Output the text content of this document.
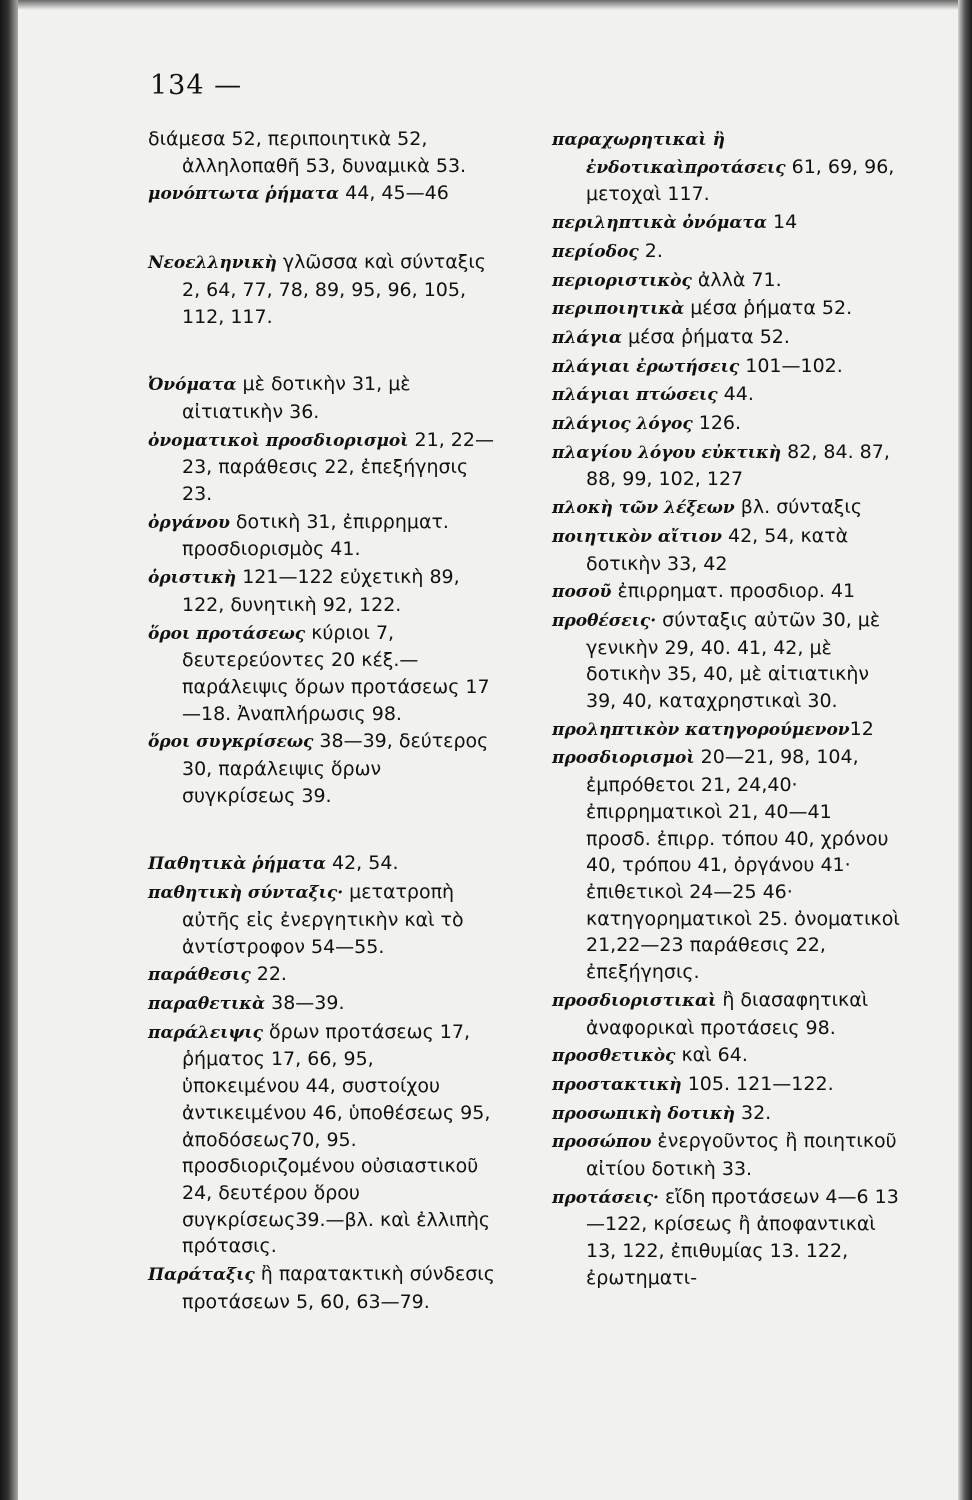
134 —

διάμεσα 52, περιποιητικὰ 52, ἀλληλοπαθῆ 53, δυναμικὰ 53.

μονόπτωτα ῥήματα 44, 45—46

Νεοελληνικὴ γλῶσσα καὶ σύνταξις 2, 64, 77, 78, 89, 95, 96, 105, 112, 117.

Ὀνόματα μὲ δοτικὴν 31, μὲ αἰτιατικὴν 36.

ὀνοματικοὶ προσδιορισμοὶ 21, 22—23, παράθεσις 22, ἐπεξήγησις 23.

ὀργάνου δοτικὴ 31, ἐπιρρηματ. προσδιορισμὸς 41.

ὁριστικὴ 121—122 εὐχετικὴ 89, 122, δυνητικὴ 92, 122.

ὅροι προτάσεως κύριοι 7, δευτερεύοντες 20 κέξ.—παράλειψις ὅρων προτάσεως 17—18. Ἀναπλήρωσις 98.

ὅροι συγκρίσεως 38—39, δεύτερος 30, παράλειψις ὅρων συγκρίσεως 39.

Παθητικὰ ῥήματα 42, 54.

παθητικὴ σύνταξις· μετατροπὴ αὐτῆς εἰς ἐνεργητικὴν καὶ τὸ ἀντίστροφον 54—55.

παράθεσις 22.

παραθετικὰ 38—39.

παράλειψις ὅρων προτάσεως 17, ῥήματος 17, 66, 95, ὑποκειμένου 44, συστοίχου ἀντικειμένου 46, ὑποθέσεως 95, ἀποδόσεως70, 95. προσδιοριζομένου οὐσιαστικοῦ 24, δευτέρου ὅρου συγκρίσεως39.—βλ. καὶ ἐλλιπὴς πρότασις.

Παράταξις ἢ παρατακτικὴ σύνδεσις προτάσεων 5, 60, 63—79.

παραχωρητικαὶ ἢ ἐνδοτικαὶπροτάσεις 61, 69, 96, μετοχαὶ 117.

περιληπτικὰ ὀνόματα 14

περίοδος 2.

περιοριστικὸς ἀλλὰ 71.

περιποιητικὰ μέσα ῥήματα 52.

πλάγια μέσα ῥήματα 52.

πλάγιαι ἐρωτήσεις 101—102.

πλάγιαι πτώσεις 44.

πλάγιος λόγος 126.

πλαγίου λόγου εὐκτικὴ 82, 84. 87, 88, 99, 102, 127

πλοκὴ τῶν λέξεων βλ. σύνταξις

ποιητικὸν αἴτιον 42, 54, κατὰ δοτικὴν 33, 42

ποσοῦ ἐπιρρηματ. προσδιορ. 41

προθέσεις· σύνταξις αὐτῶν 30, μὲ γενικὴν 29, 40. 41, 42, μὲ δοτικὴν 35, 40, μὲ αἰτιατικὴν 39, 40, καταχρηστικαὶ 30.

προληπτικὸν κατηγορούμενον12

προσδιορισμοὶ 20—21, 98, 104, ἐμπρόθετοι 21, 24,40· ἐπιρρηματικοὶ 21, 40—41 προσδ. ἐπιρρ. τόπου 40, χρόνου 40, τρόπου 41, ὀργάνου 41· ἐπιθετικοὶ 24—25 46· κατηγορηματικοὶ 25. ὀνοματικοὶ 21,22—23 παράθεσις 22, ἐπεξήγησις.

προσδιοριστικαὶ ἢ διασαφητικαὶ ἀναφορικαὶ προτάσεις 98.

προσθετικὸς καὶ 64.

προστακτικὴ 105. 121—122.

προσωπικὴ δοτικὴ 32.

προσώπου ἐνεργοῦντος ἢ ποιητικοῦ αἰτίου δοτικὴ 33.

προτάσεις· εἴδη προτάσεων 4—6 13—122, κρίσεως ἢ ἀποφαντικαὶ 13, 122, ἐπιθυμίας 13. 122, ἐρωτηματι-
